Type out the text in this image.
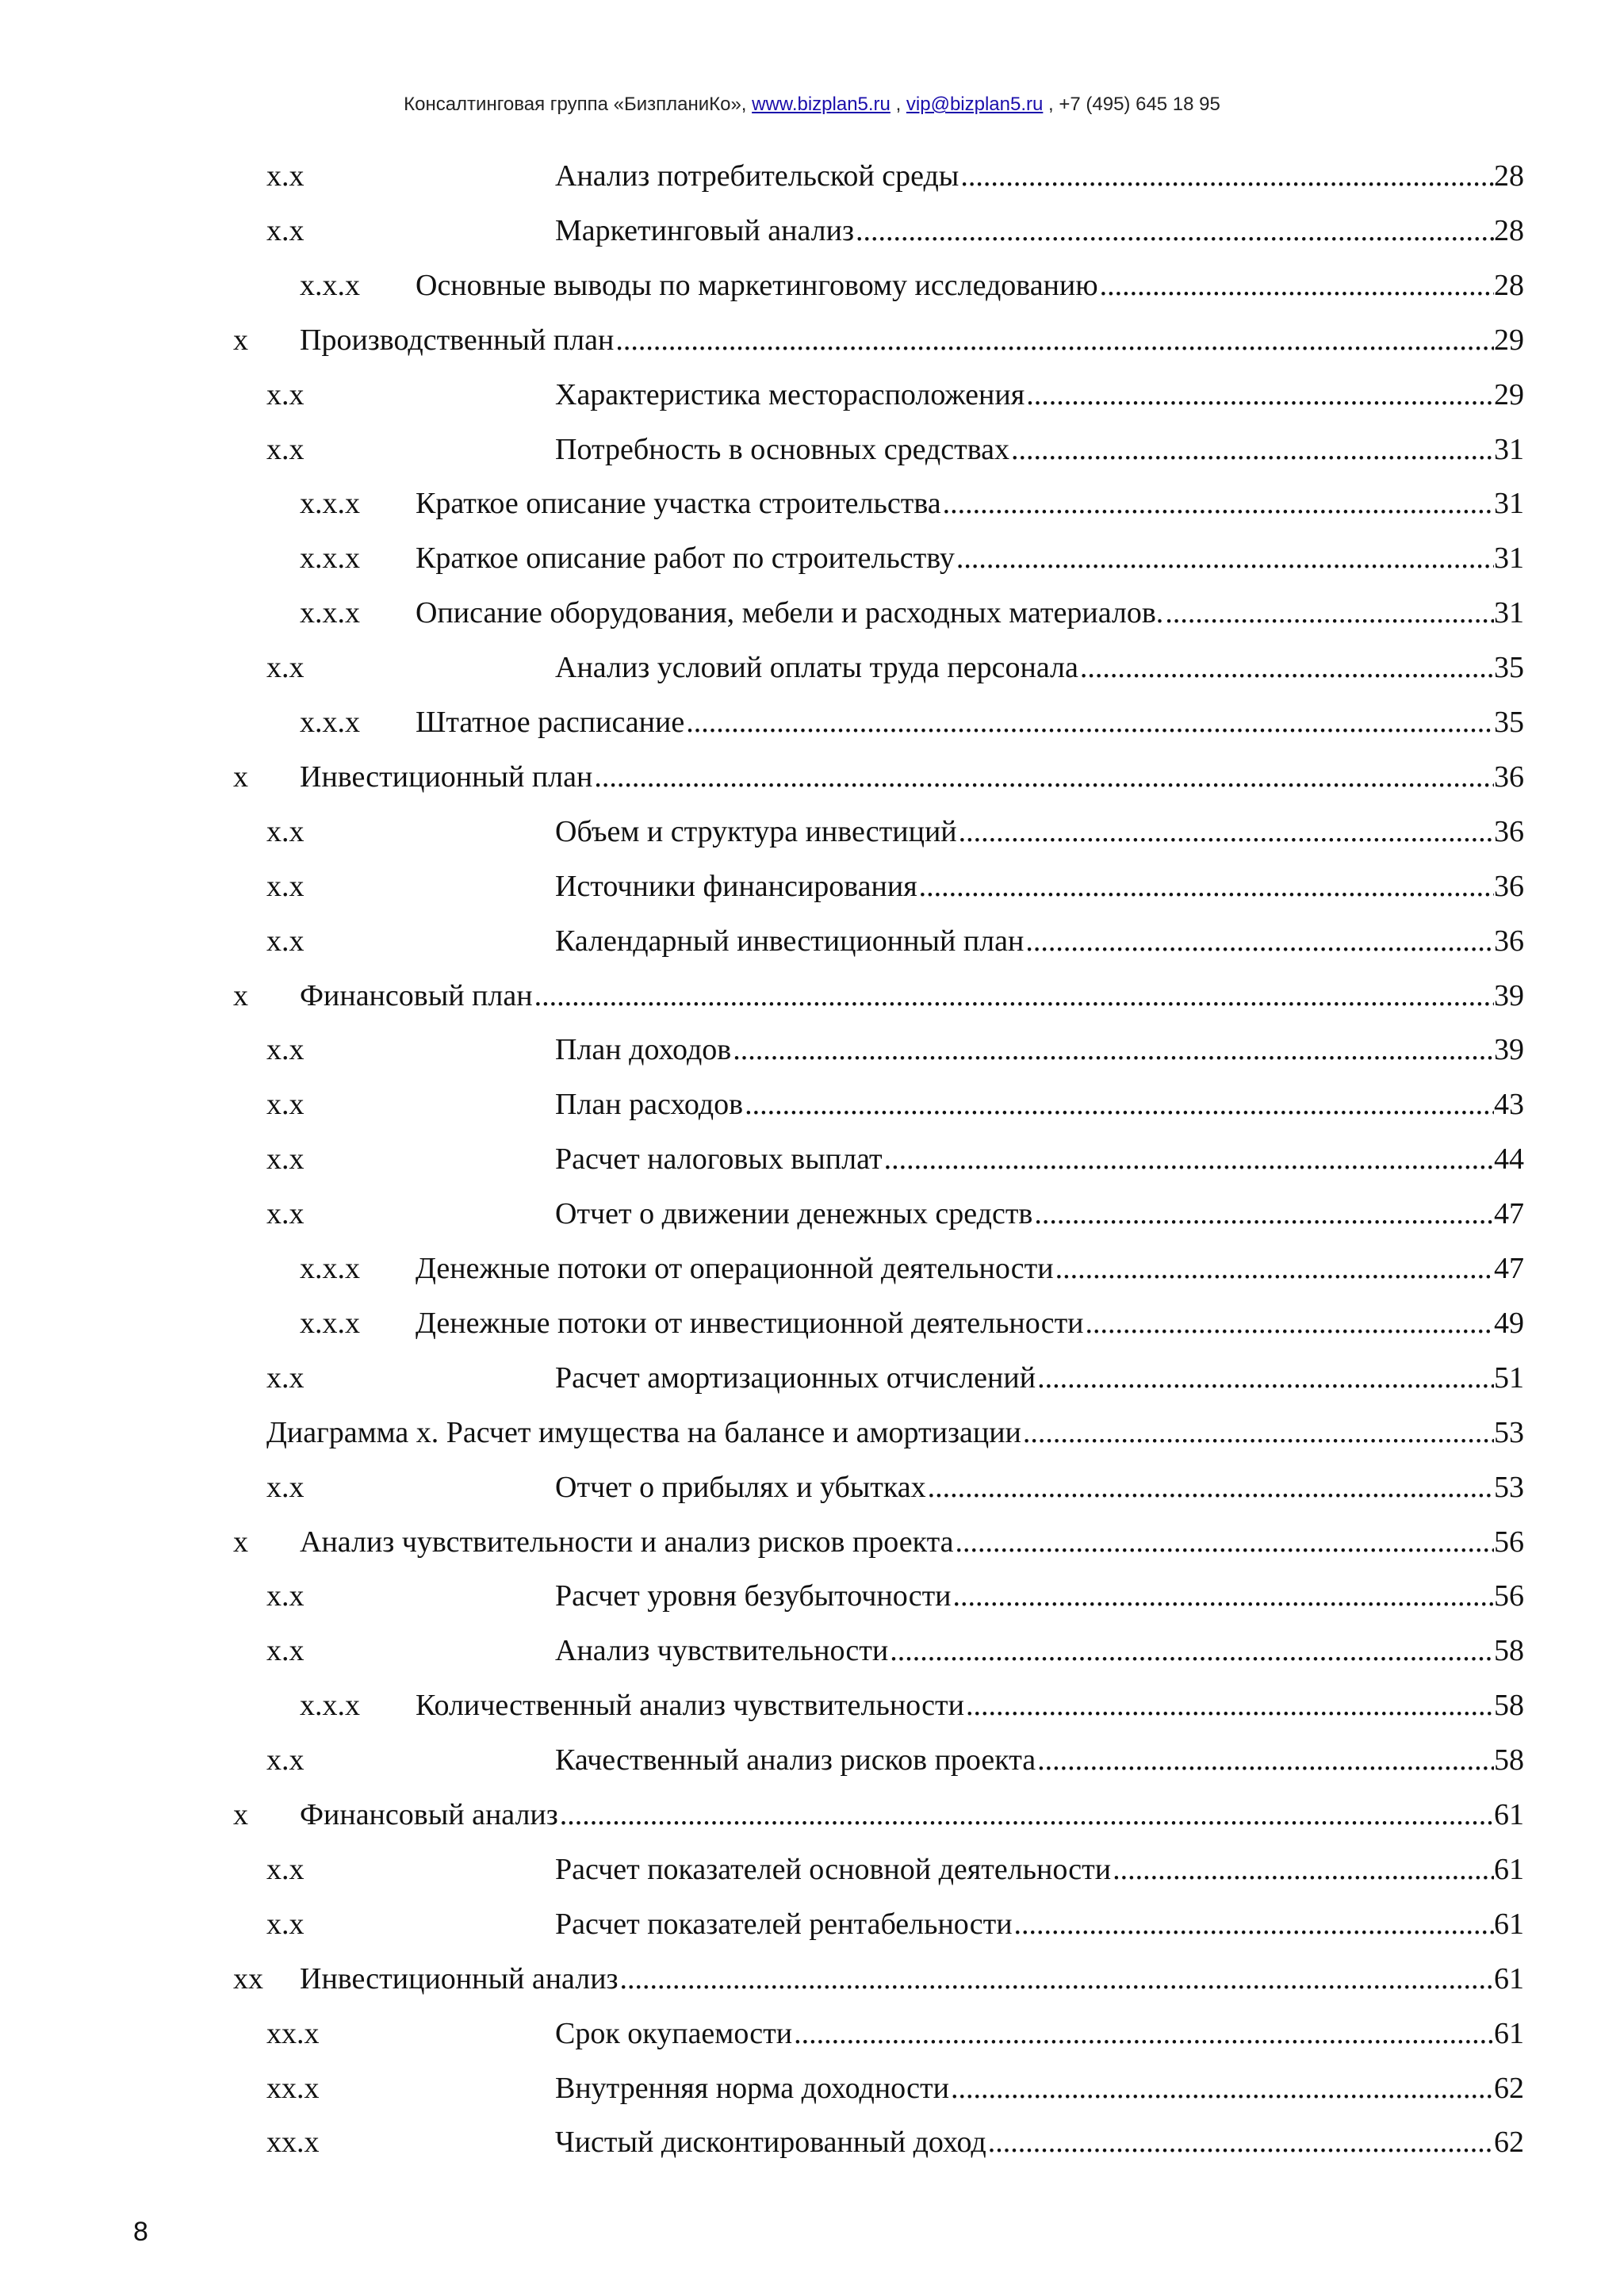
Консалтинговая группа «БизпланиКо», www.bizplan5.ru , vip@bizplan5.ru , +7 (495) 645 18 95
x.x	Анализ потребительской среды .....	28
x.x	Маркетинговый анализ .....	28
x.x.x Основные выводы по маркетинговому исследованию .....	28
x Производственный план .....	29
x.x	Характеристика месторасположения .....	29
x.x	Потребность в основных средствах .....	31
x.x.x Краткое описание участка строительства .....	31
x.x.x Краткое описание работ по строительству .....	31
x.x.x Описание оборудования, мебели и расходных материалов. .....	31
x.x	Анализ условий оплаты труда персонала .....	35
x.x.x Штатное расписание .....	35
x Инвестиционный план .....	36
x.x	Объем и структура инвестиций .....	36
x.x	Источники финансирования .....	36
x.x	Календарный инвестиционный план .....	36
x Финансовый план .....	39
x.x	План доходов .....	39
x.x	План расходов .....	43
x.x	Расчет налоговых выплат .....	44
x.x	Отчет о движении денежных средств .....	47
x.x.x Денежные потоки от операционной деятельности .....	47
x.x.x Денежные потоки от инвестиционной деятельности .....	49
x.x	Расчет амортизационных отчислений .....	51
Диаграмма x. Расчет имущества на балансе и амортизации .....	53
x.x	Отчет о прибылях и убытках .....	53
x Анализ чувствительности и анализ рисков проекта .....	56
x.x	Расчет уровня безубыточности .....	56
x.x	Анализ чувствительности .....	58
x.x.x Количественный анализ чувствительности .....	58
x.x	Качественный анализ рисков проекта .....	58
x Финансовый анализ .....	61
x.x	Расчет показателей основной деятельности .....	61
x.x	Расчет показателей рентабельности .....	61
xx Инвестиционный анализ .....	61
xx.x	Срок окупаемости .....	61
xx.x	Внутренняя норма доходности .....	62
xx.x	Чистый дисконтированный доход .....	62
8
